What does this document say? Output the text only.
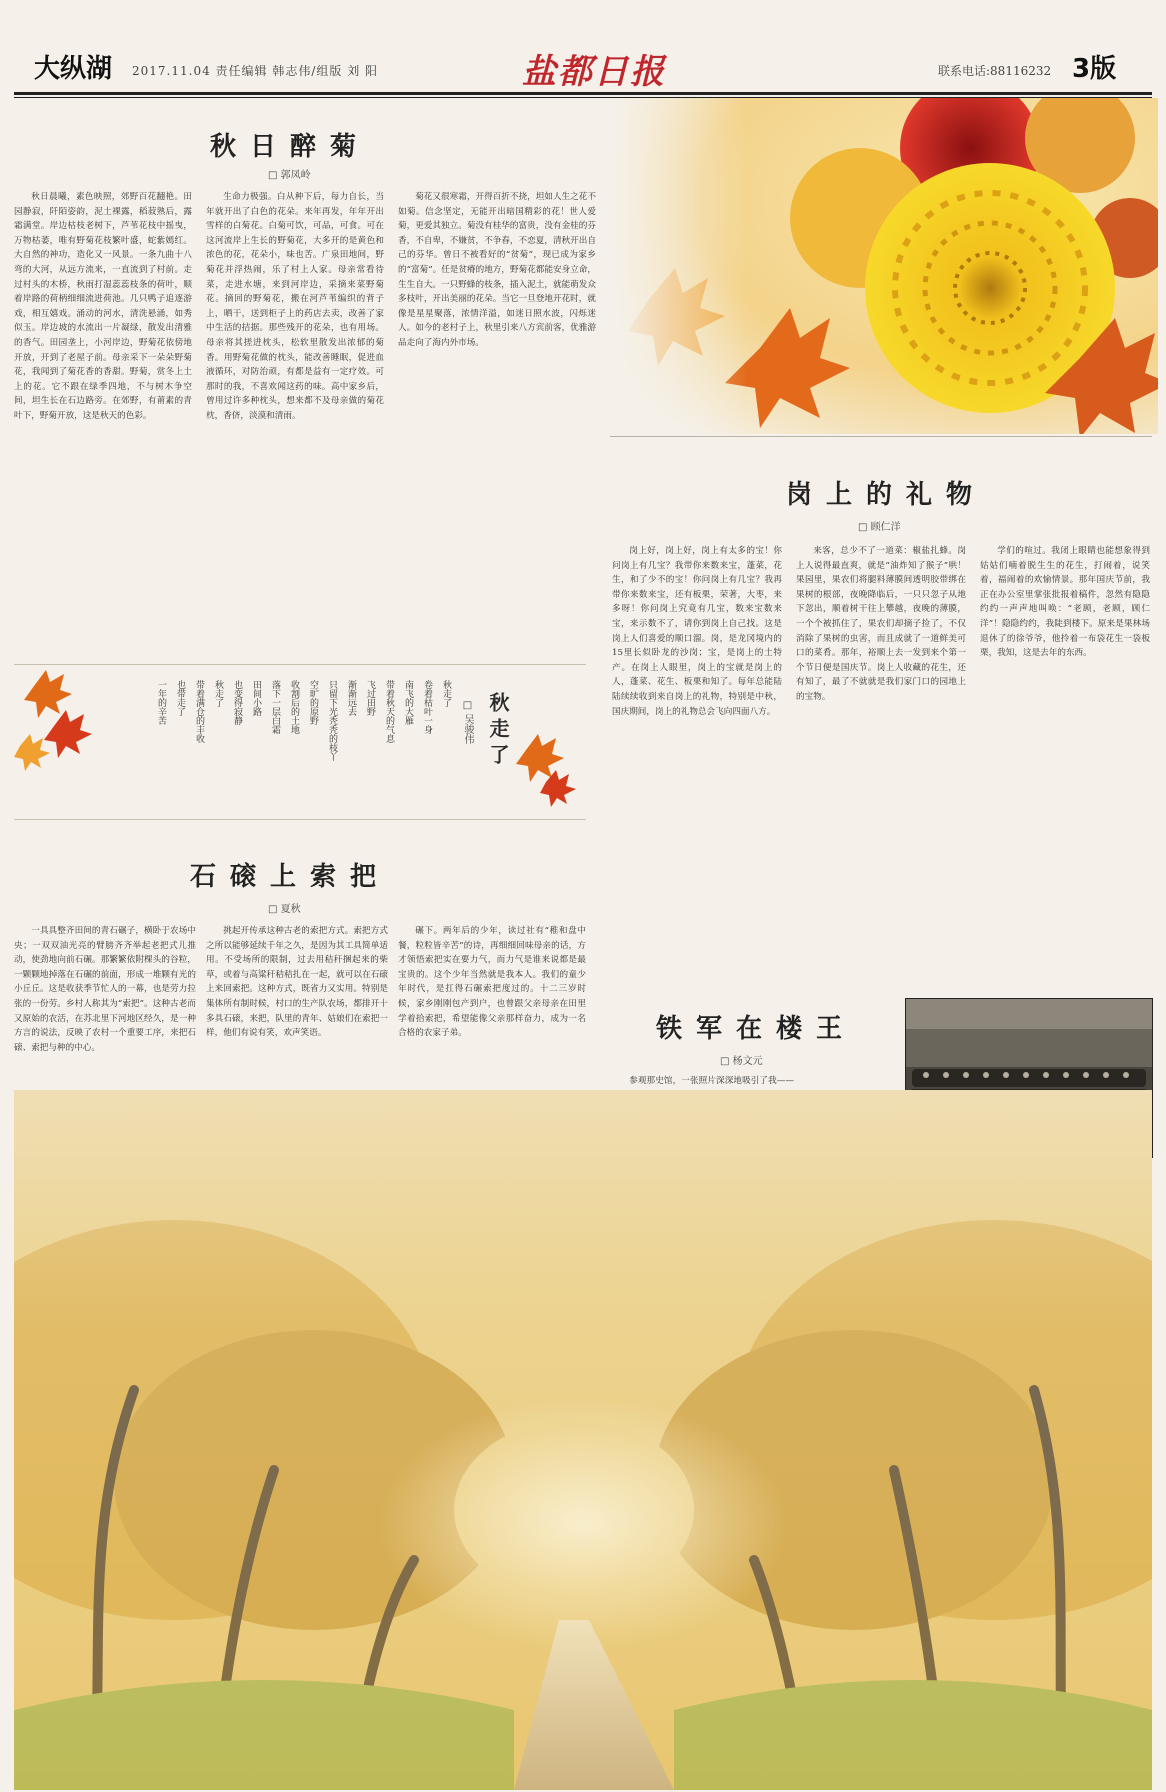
大纵湖 2017.11.04 责任编辑 韩志伟/组版 刘 阳	盐都日报	联系电话:88116232 3版
秋日醉菊
□ 郭凤岭

秋日晨曦，素色映照，郊野百花翻艳。田园静寂，阡陌姿韵，泥土裸露，稻菽熟后，露霜满堂。岸边枯枝老树下，芦苇花枝中摇曳，万物枯萎，唯有野菊花枝繁叶盛，蛇紫嫣红。大自然的神功，造化又一风景。一条九曲十八弯的大河，从远方流来，一直流到了村前。走过村头的木桥，秋雨打湿蕊蕊枝条的荷叶，顺着岸路的荷柄细细流进荷池。几只鸭子追逐游戏，相互嬉戏。涌动的河水，清洗悬涌，如秀似玉。岸边坡的水流出一片凝绿，散发出清雅的香气。田园垄上，小河岸边，野菊花依傍地开放，开到了老屋子前。母亲采下一朵朵野菊花，我闻到了菊花香的香甜。野菊，赏冬上土上的花。它不跟在绿季四地，不与树木争空间，坦生长在石边路旁。在郊野，有莆素的青叶下，野菊开放，这是秋天的色彩。

生命力极强。白从种下后，每力自长，当年就开出了白色的花朵。来年再发，年年开出雪样的白菊花。白菊可饮，可品，可食。可在这河流岸上生长的野菊花，大多开的是黄色和浓色的花，花朵小，味也苦。广泉田地间，野菊花并浮热闹，乐了村上人家。母亲常看待菜，走进水塘，来到河岸边，采摘来菜野菊花。摘回的野菊花，搬在河芦苇编织的背子上，晒干，送到柜子上的药店去卖，改善了家中生活的拮据。那些残开的花朵，也有用场。母亲将其搓进枕头，松软里散发出浓郁的菊香。用野菊花做的枕头，能改善睡眠，促进血液循环，对防治顽，有都是益有一定疗效。可那时的我，不喜欢闻这药的味。高中家乡后，曾用过许多种枕头，想来都不及母亲做的菊花枕，香侪，淡漠和清雨。

菊花又很寒霜，开得百折不挠，坦如人生之花不如菊。信念坚定，无能开出暗国精彩的花！世人爱菊，更爱其独立。菊没有桂华的富贵，没有金桂的芬香，不自卑，不嫌贫，不争春，不恋夏，清秋开出自己的芬华。曾日不被看好的“贫菊”，现已成为家乡的“富菊”。任是贫瘠的地方，野菊花都能安身立命，生生自大。一只野蜂的枝条，插入泥土，就能萌发众多枝叶，开出美丽的花朵。当它一旦登地开花时，就像是星星聚落，浓情洋溢，如迷日照水波，闪烁迷人。如今的老村子上，秋里引来八方宾前客，优雅游品走向了海内外市场。

岗上的礼物
□ 顾仁洋

岗上好，岗上好，岗上有太多的宝！你问岗上有几宝？我带你来数来宝，蓬菜，花生，和了少不的宝！你问岗上有几宝？我再带你来数来宝，还有板栗，荣著，大枣，来多呀！你问岗上究竟有几宝，数来宝数来宝，来示数不了，请你到岗上自己找。这是岗上人们喜爱的顺口溜。岗，是龙冈境内的15里长似卧龙的沙岗；宝，是岗上的土特产。在岗上人眼里，岗上的宝就是岗上的人，蓬菜、花生、板栗和知了。每年总能陆陆续续收到来自岗上的礼物，特别是中秋，国庆期间，岗上的礼物总会飞向四面八方。

来客，总少不了一道菜：椒盐扎蜂。岗上人说得最直爽，就是“油炸知了猴子”哄！果园里，果农们将腿料薄膜间透明胶带绑在果树的根部，夜晚降临后，一只只忽子从地下忽出，顺着树干往上攀越，夜晚的薄膜，一个个被抓住了，果农们却摘子捡了，不仅消除了果树的虫害，而且成就了一道鲜美可口的菜肴。那年，裕顺上去一发到来个第一个节日便是国庆节。岗上人收藏的花生，还有知了，最了不就就是我们家门口的园地上的宝物。

学们的喧过。我闭上眼睛也能想象得到姑姑们喃着脱生生的花生，打闹着，说笑着，福闹着的欢愉情景。那年国庆节前，我正在办公室里掌张批报着稿件，忽然有隐隐约约一声声地叫唤：“老顾，老顾，顾仁洋”！隐隐约约，我陡到楼下。原来是果林场退休了的徐爷爷，他拎着一布袋花生一袋板栗，我知，这是去年的东西。

秋走了
□ 吴骏伟
秋走了
卷着枯叶一身
南飞的大雁
带着秋天的气息
飞过田野
渐渐远去
只留下光秃秃的枝丫
空旷的原野
收割后的土地
落下一层白霜
田间小路
也变得寂静
秋走了
带着满仓的丰收
也带走了
一年的辛苦
石磙上索把
□ 夏秋

一具具整齐田间的青石碾子，横卧于农场中央；一双双油光亮的臂膀齐齐举起老把式儿推动，使劲地向前石碾。那繁繁依附棵头的谷粒，一颗颗地掉落在石碾的前面，形成一堆颗有光的小丘丘。这是收获季节忙人的一幕，也是劳力拉张的一份劳。乡村人称其为“索把”。这种古老而又原始的农活，在苏北里下河地区经久，是一种方言的说法，反映了农村一个重要工序，来把石磙、索把与种的中心。

挑起开传承这种古老的索把方式。索把方式之所以能够延续千年之久，是因为其工具简单适用。不受场所的限制，过去用秸秆捆起来的柴草，或着与高粱秆秸秸扎在一起，就可以在石磙上来回索把。这种方式，既省力又实用。特别是集体所有制时候，村口的生产队农场，都排开十多具石磙，来把，队里的青年、姑娘们在索把一样，他们有说有笑，欢声笑语。

碾下。两年后的少年，读过社有“稚和盘中餐，粒粒皆辛苦”的诗，再细细回味母亲的话，方才领悟索把实在要力气，而力气是谁来说都是最宝贵的。这个少年当然就是我本人。我们的童少年时代，是扛得石碾索把度过的。十二三岁时候，家乡刚刚包产到户，也曾跟父亲母亲在田里学着拾索把，希望能像父亲那样奋力，成为一名合格的农家子弟。	铁军在楼王
□ 杨文元

参观那史馆，一张照片深深地吸引了我——
